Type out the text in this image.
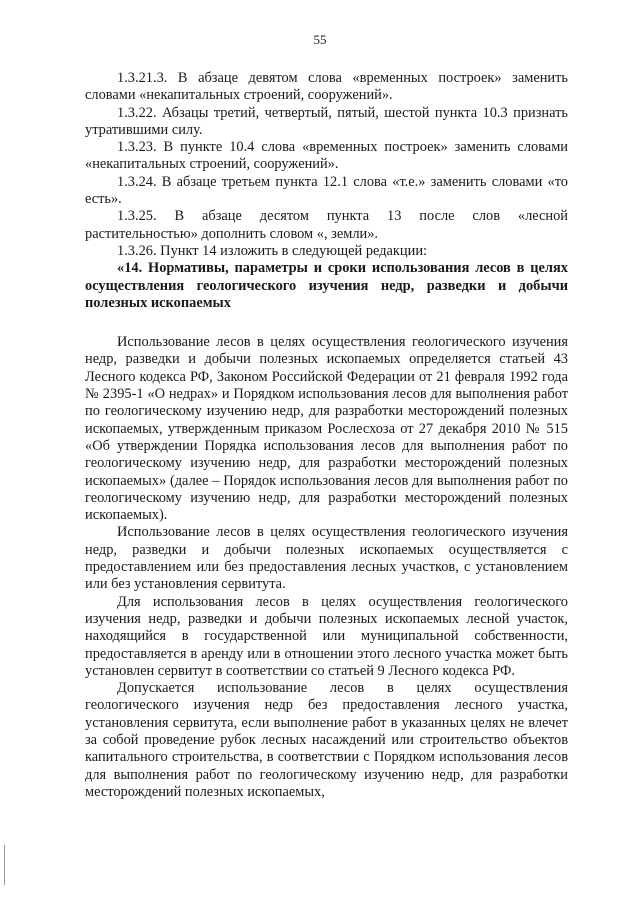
55

1.3.21.3. В абзаце девятом слова «временных построек» заменить словами «некапитальных строений, сооружений».

1.3.22. Абзацы третий, четвертый, пятый, шестой пункта 10.3 признать утратившими силу.

1.3.23. В пункте 10.4 слова «временных построек» заменить словами «некапитальных строений, сооружений».

1.3.24. В абзаце третьем пункта 12.1 слова «т.е.» заменить словами «то есть».

1.3.25. В абзаце десятом пункта 13 после слов «лесной растительностью» дополнить словом «, земли».

1.3.26. Пункт 14 изложить в следующей редакции:

«14. Нормативы, параметры и сроки использования лесов в целях осуществления геологического изучения недр, разведки и добычи полезных ископаемых

Использование лесов в целях осуществления геологического изучения недр, разведки и добычи полезных ископаемых определяется статьей 43 Лесного кодекса РФ, Законом Российской Федерации от 21 февраля 1992 года № 2395-1 «О недрах» и Порядком использования лесов для выполнения работ по геологическому изучению недр, для разработки месторождений полезных ископаемых, утвержденным приказом Рослесхоза от 27 декабря 2010 № 515 «Об утверждении Порядка использования лесов для выполнения работ по геологическому изучению недр, для разработки месторождений полезных ископаемых» (далее – Порядок использования лесов для выполнения работ по геологическому изучению недр, для разработки месторождений полезных ископаемых).

Использование лесов в целях осуществления геологического изучения недр, разведки и добычи полезных ископаемых осуществляется с предоставлением или без предоставления лесных участков, с установлением или без установления сервитута.

Для использования лесов в целях осуществления геологического изучения недр, разведки и добычи полезных ископаемых лесной участок, находящийся в государственной или муниципальной собственности, предоставляется в аренду или в отношении этого лесного участка может быть установлен сервитут в соответствии со статьей 9 Лесного кодекса РФ.

Допускается использование лесов в целях осуществления геологического изучения недр без предоставления лесного участка, установления сервитута, если выполнение работ в указанных целях не влечет за собой проведение рубок лесных насаждений или строительство объектов капитального строительства, в соответствии с Порядком использования лесов для выполнения работ по геологическому изучению недр, для разработки месторождений полезных ископаемых,
